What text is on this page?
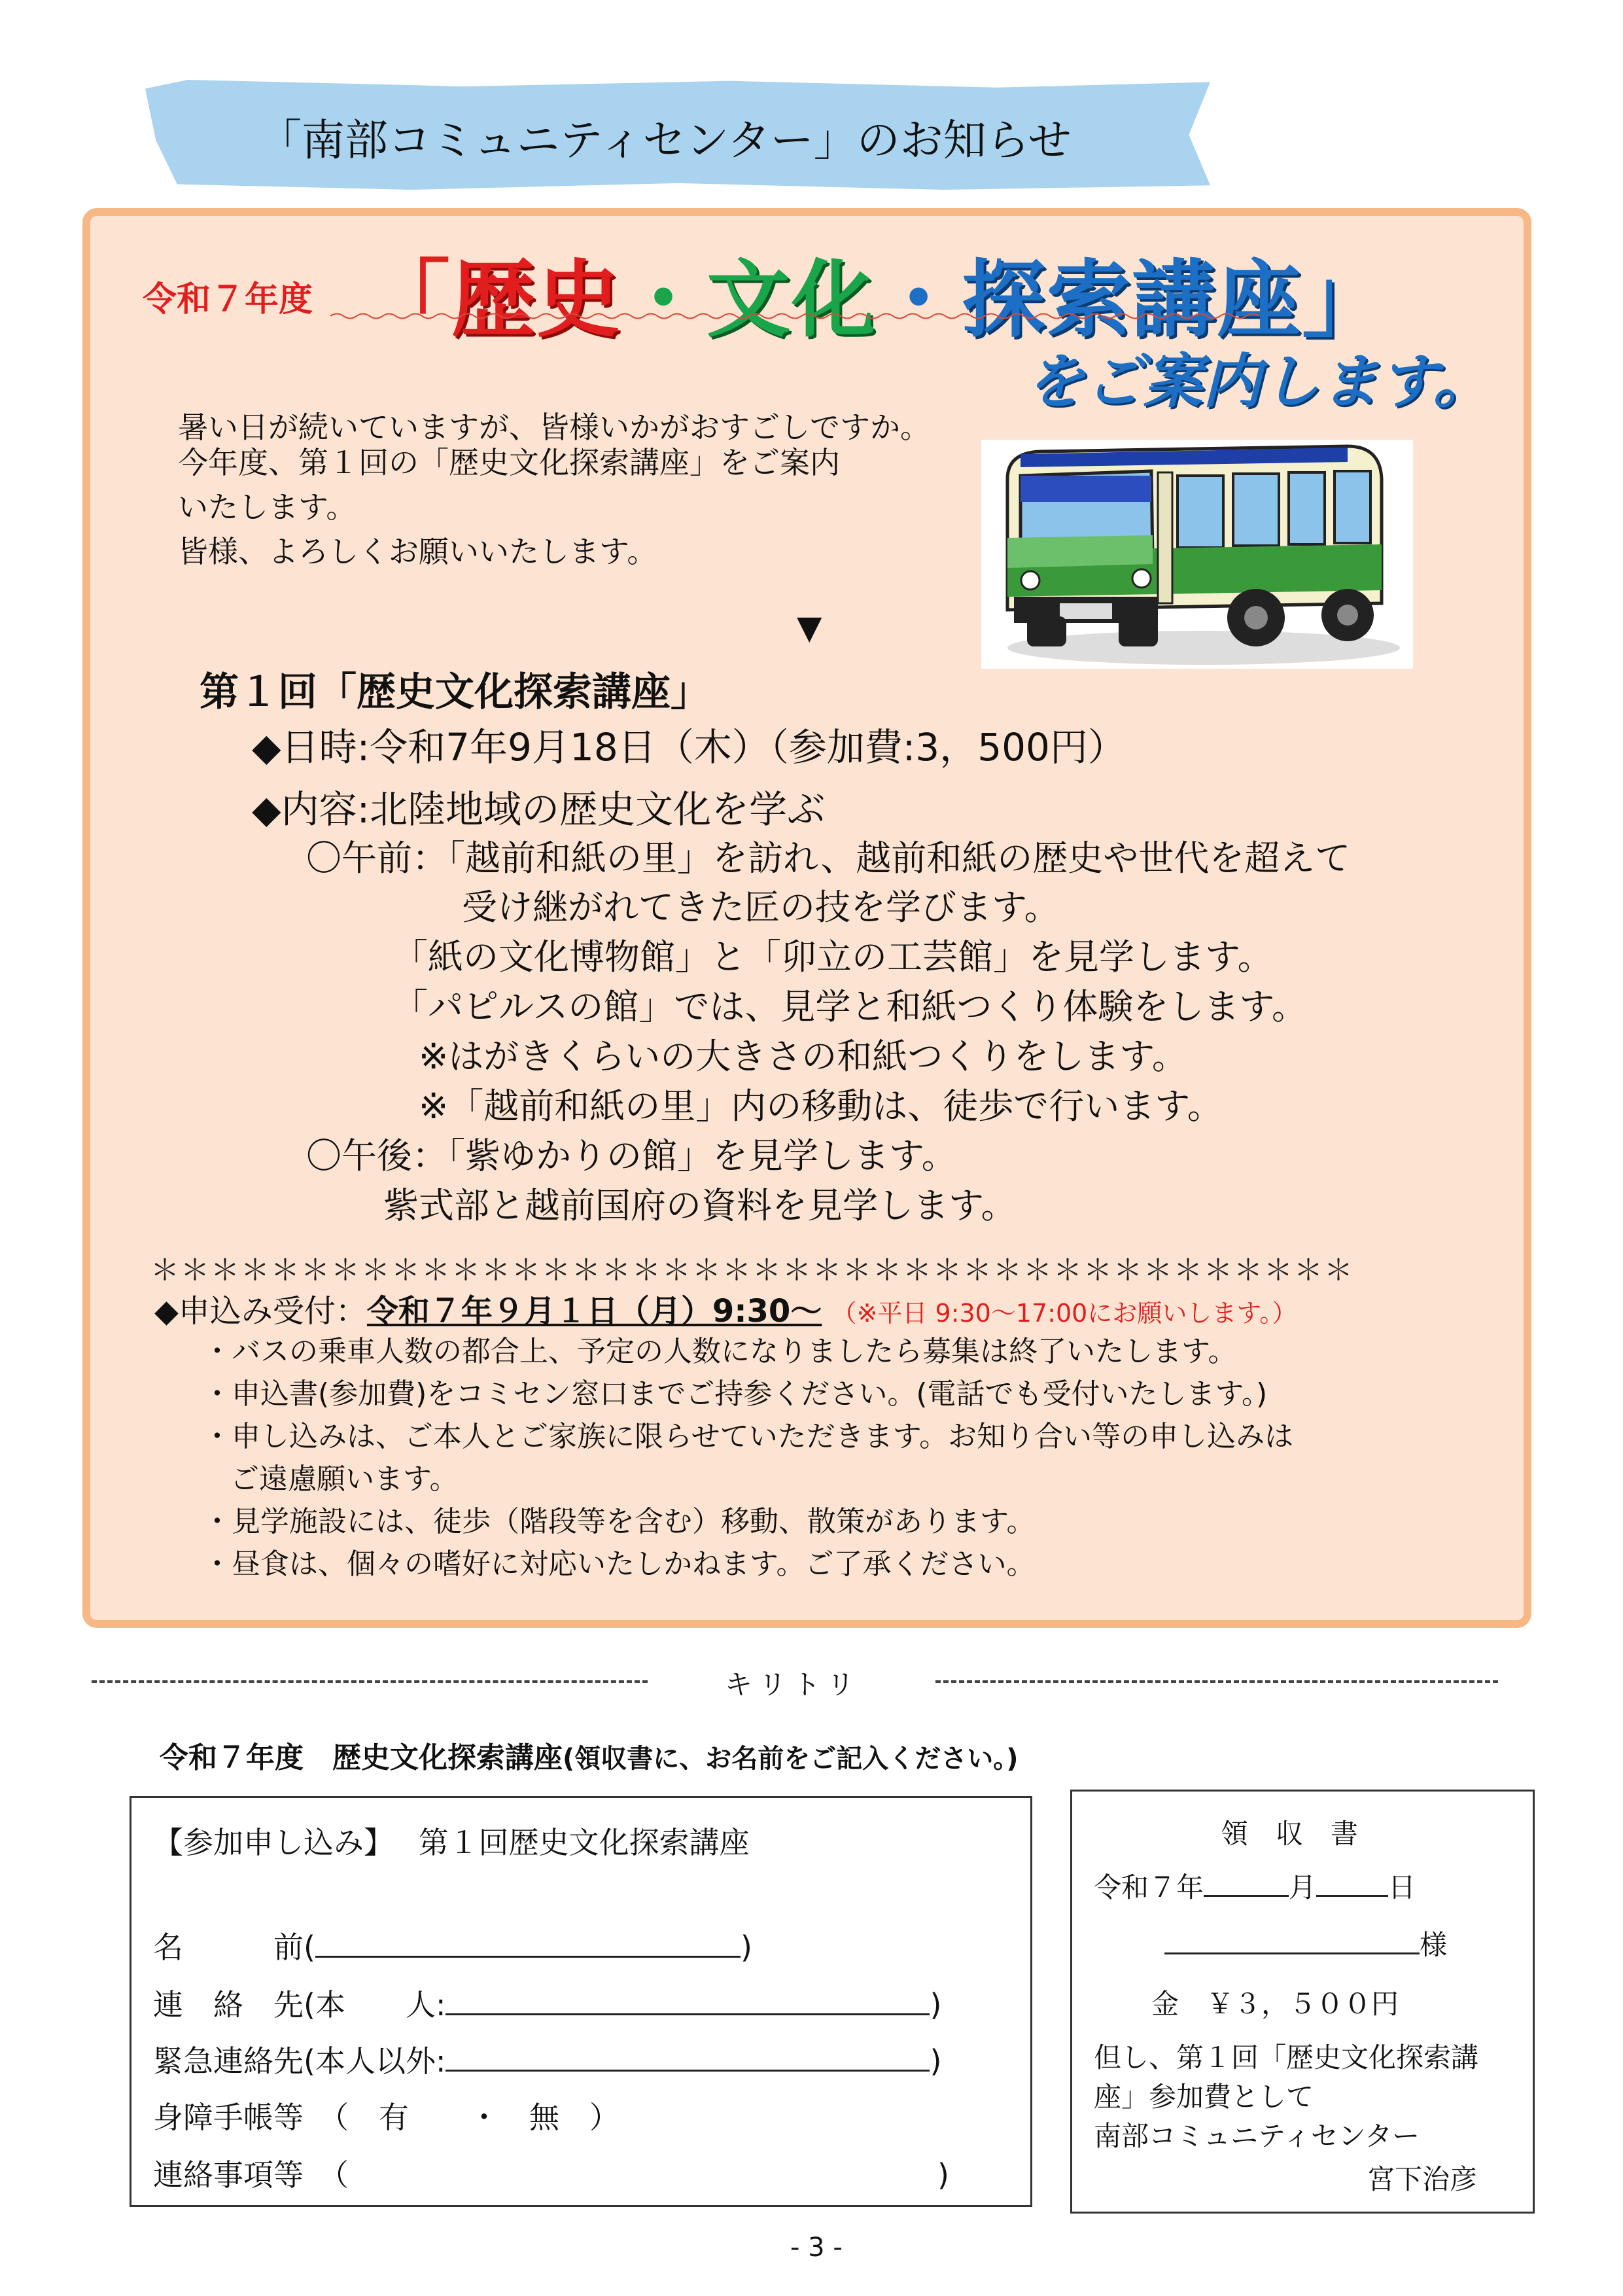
「南部コミュニティセンター」のお知らせ
令和７年度 「歴史・文化・探索講座」
をご案内します。
暑い日が続いていますが、皆様いかがおすごしですか。
今年度、第１回の「歴史文化探索講座」をご案内
いたします。
皆様、よろしくお願いいたします。
▼
第１回「歴史文化探索講座」
◆日時:令和7年9月18日（木）（参加費:3，500円）
◆内容:北陸地域の歴史文化を学ぶ
〇午前：「越前和紙の里」を訪れ、越前和紙の歴史や世代を超えて
受け継がれてきた匠の技を学びます。
「紙の文化博物館」と「卯立の工芸館」を見学します。
「パピルスの館」では、見学と和紙つくり体験をします。
※はがきくらいの大きさの和紙つくりをします。
※「越前和紙の里」内の移動は、徒歩で行います。
〇午後：「紫ゆかりの館」を見学します。
紫式部と越前国府の資料を見学します。
＊＊＊＊＊＊＊＊＊＊＊＊＊＊＊＊＊＊＊＊＊＊＊＊＊＊＊＊＊＊＊＊＊＊＊＊＊＊＊＊
◆申込み受付：令和７年９月１日（月）9:30～ （※平日 9:30～17:00にお願いします。）
・バスの乗車人数の都合上、予定の人数になりましたら募集は終了いたします。
・申込書(参加費)をコミセン窓口までご持参ください。(電話でも受付いたします。)
・申し込みは、ご本人とご家族に限らせていただきます。お知り合い等の申し込みは
ご遠慮願います。
・見学施設には、徒歩（階段等を含む）移動、散策があります。
・昼食は、個々の嗜好に対応いたしかねます。ご了承ください。
キリトリ
令和７年度　歴史文化探索講座(領収書に、お名前をご記入ください。)
【参加申し込み】　 第１回歴史文化探索講座
名　　　前(	)
連　絡　先(本　　人:	)
緊急連絡先(本人以外:	)
身障手帳等　（　有　　・　無　）
連絡事項等　（	)
領　収　書
令和７年	月	日
様
金　￥３，５００円
但し、第１回「歴史文化探索講
座」参加費として
南部コミュニティセンター
宮下治彦
- 3 -
